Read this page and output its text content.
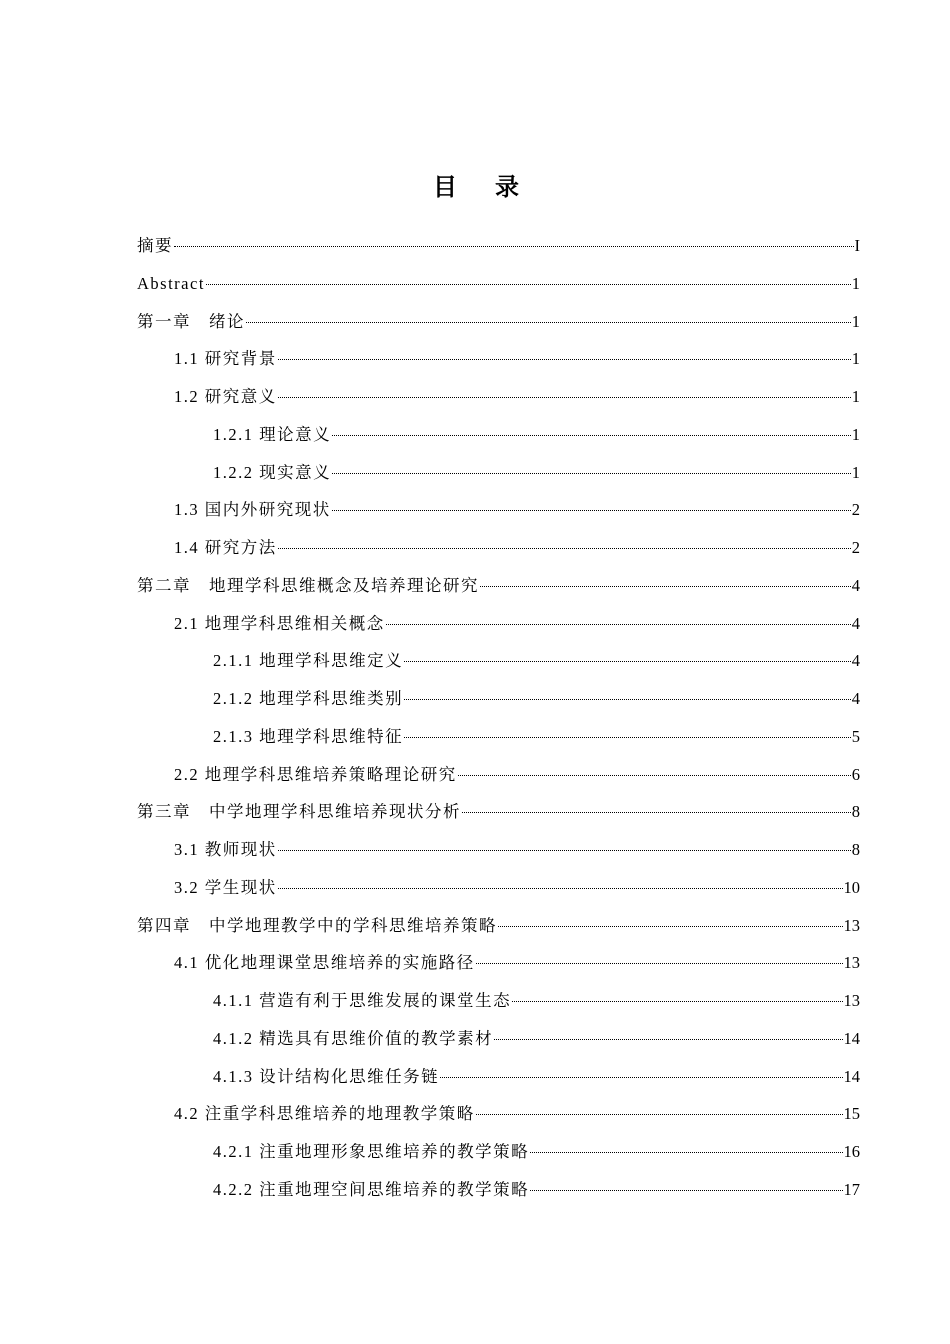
目录
摘要	I
Abstract	1
第一章　绪论	1
1.1 研究背景	1
1.2 研究意义	1
1.2.1 理论意义	1
1.2.2 现实意义	1
1.3 国内外研究现状	2
1.4 研究方法	2
第二章　地理学科思维概念及培养理论研究	4
2.1 地理学科思维相关概念	4
2.1.1 地理学科思维定义	4
2.1.2 地理学科思维类别	4
2.1.3 地理学科思维特征	5
2.2 地理学科思维培养策略理论研究	6
第三章　中学地理学科思维培养现状分析	8
3.1 教师现状	8
3.2 学生现状	10
第四章　中学地理教学中的学科思维培养策略	13
4.1 优化地理课堂思维培养的实施路径	13
4.1.1 营造有利于思维发展的课堂生态	13
4.1.2 精选具有思维价值的教学素材	14
4.1.3 设计结构化思维任务链	14
4.2 注重学科思维培养的地理教学策略	15
4.2.1 注重地理形象思维培养的教学策略	16
4.2.2 注重地理空间思维培养的教学策略	17
